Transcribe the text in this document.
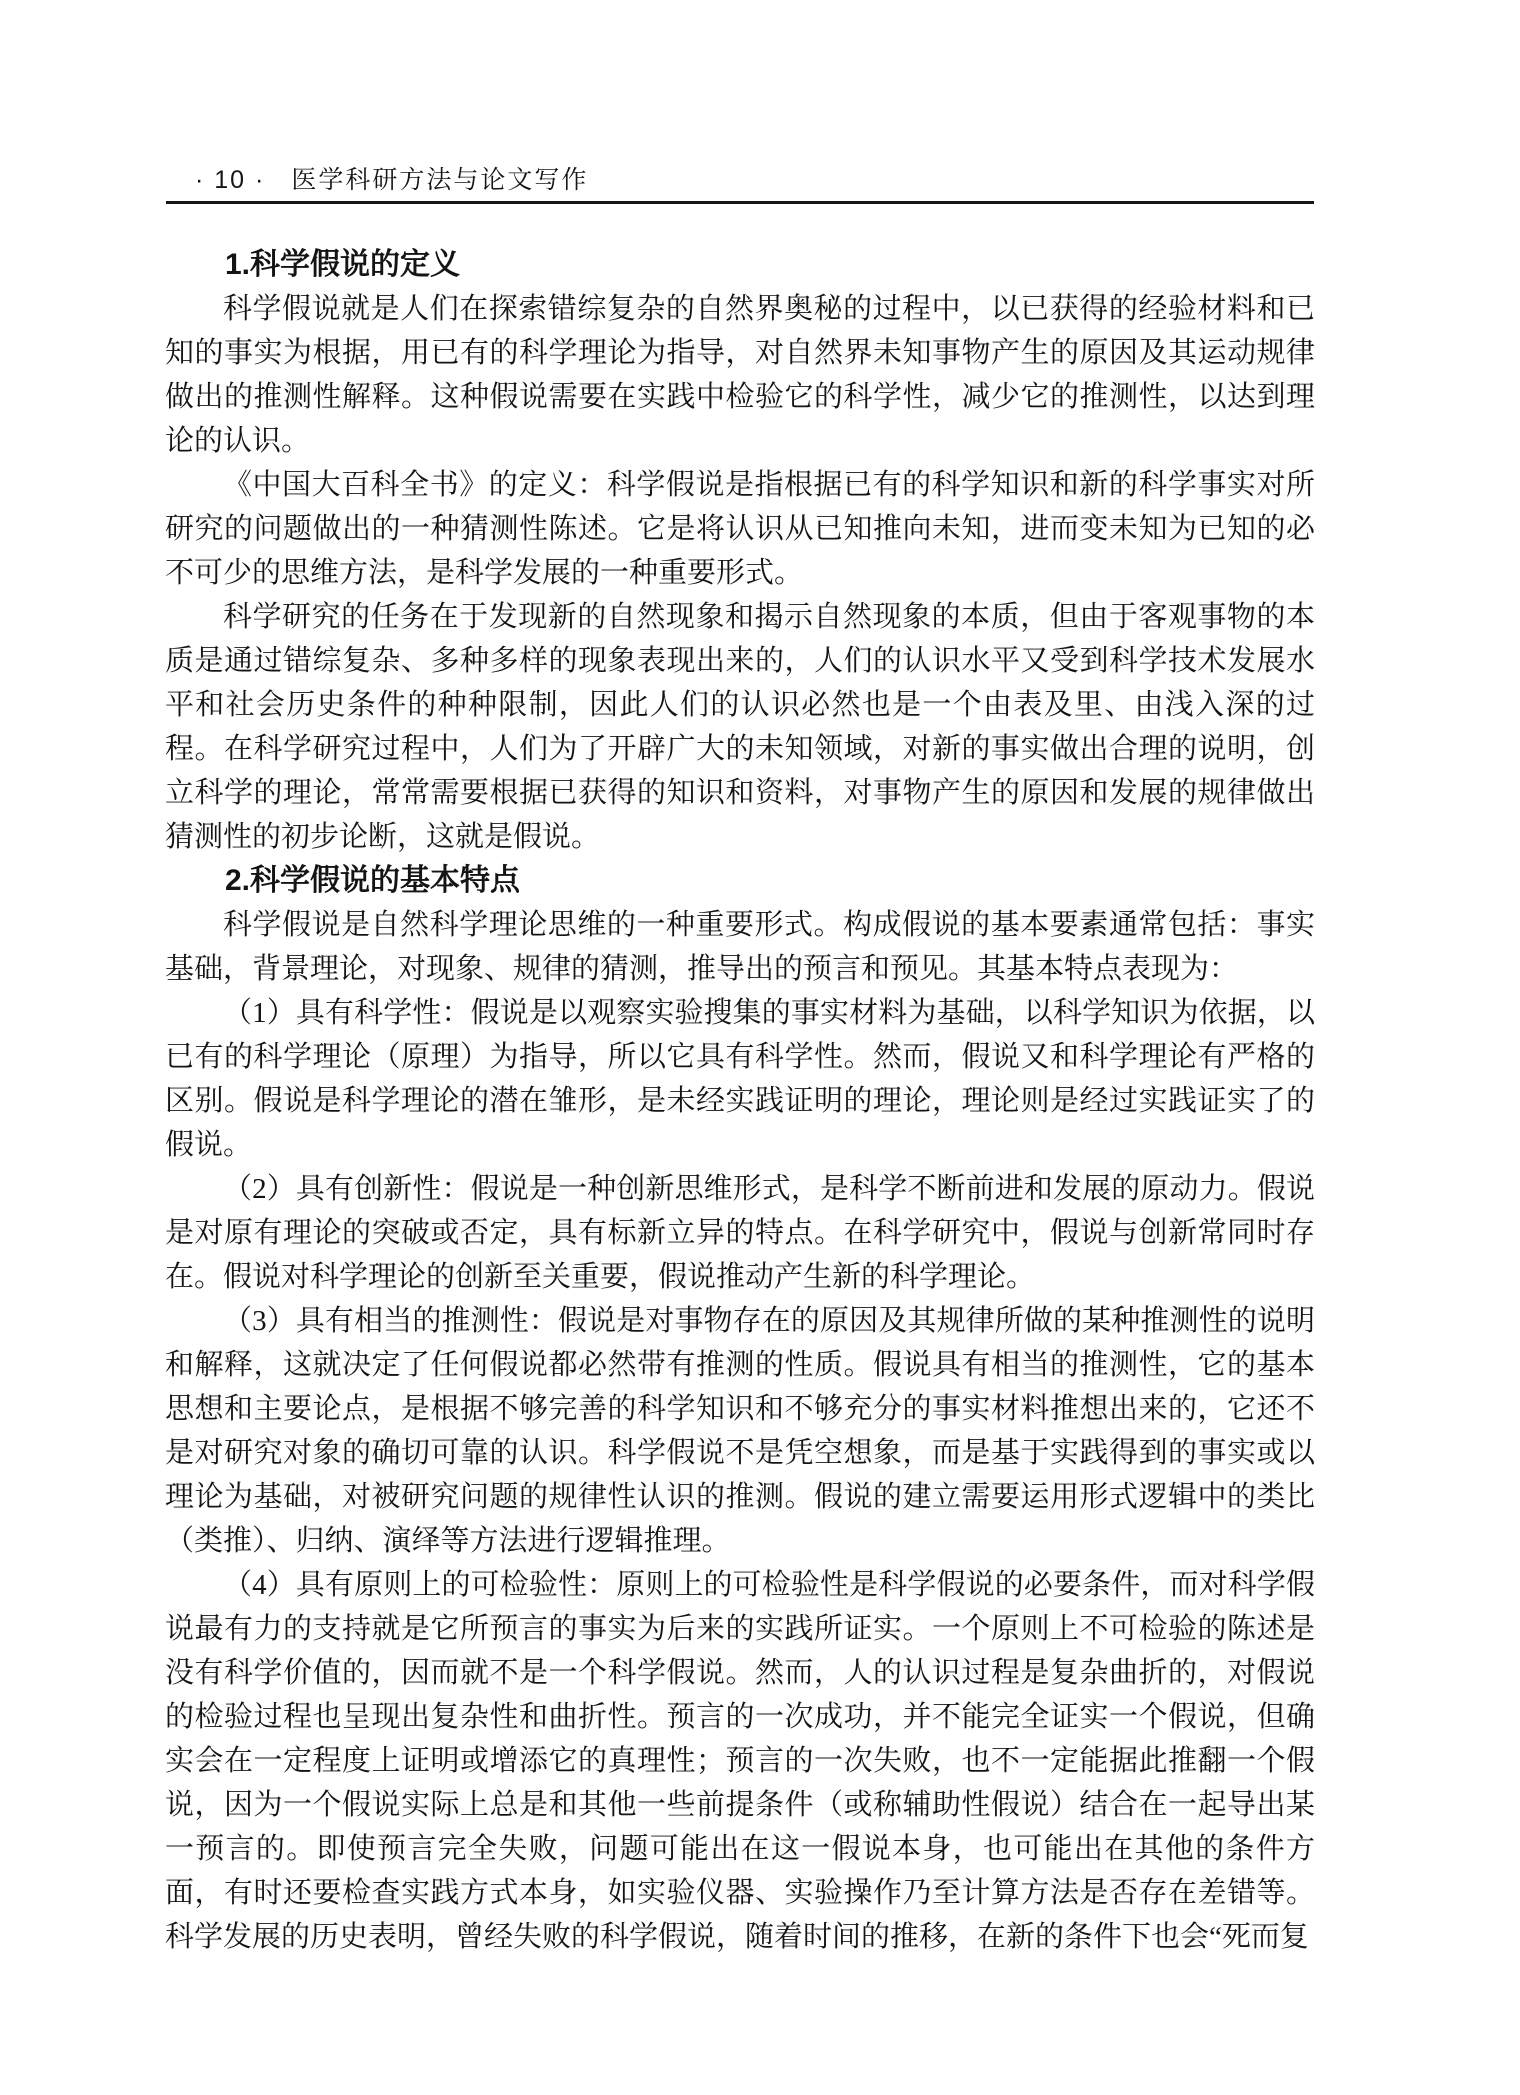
· 10 · 医学科研方法与论文写作
1.科学假说的定义
科学假说就是人们在探索错综复杂的自然界奥秘的过程中，以已获得的经验材料和已知的事实为根据，用已有的科学理论为指导，对自然界未知事物产生的原因及其运动规律做出的推测性解释。这种假说需要在实践中检验它的科学性，减少它的推测性，以达到理论的认识。
《中国大百科全书》的定义：科学假说是指根据已有的科学知识和新的科学事实对所研究的问题做出的一种猜测性陈述。它是将认识从已知推向未知，进而变未知为已知的必不可少的思维方法，是科学发展的一种重要形式。
科学研究的任务在于发现新的自然现象和揭示自然现象的本质，但由于客观事物的本质是通过错综复杂、多种多样的现象表现出来的，人们的认识水平又受到科学技术发展水平和社会历史条件的种种限制，因此人们的认识必然也是一个由表及里、由浅入深的过程。在科学研究过程中，人们为了开辟广大的未知领域，对新的事实做出合理的说明，创立科学的理论，常常需要根据已获得的知识和资料，对事物产生的原因和发展的规律做出猜测性的初步论断，这就是假说。
2.科学假说的基本特点
科学假说是自然科学理论思维的一种重要形式。构成假说的基本要素通常包括：事实基础，背景理论，对现象、规律的猜测，推导出的预言和预见。其基本特点表现为：
（1）具有科学性：假说是以观察实验搜集的事实材料为基础，以科学知识为依据，以已有的科学理论（原理）为指导，所以它具有科学性。然而，假说又和科学理论有严格的区别。假说是科学理论的潜在雏形，是未经实践证明的理论，理论则是经过实践证实了的假说。
（2）具有创新性：假说是一种创新思维形式，是科学不断前进和发展的原动力。假说是对原有理论的突破或否定，具有标新立异的特点。在科学研究中，假说与创新常同时存在。假说对科学理论的创新至关重要，假说推动产生新的科学理论。
（3）具有相当的推测性：假说是对事物存在的原因及其规律所做的某种推测性的说明和解释，这就决定了任何假说都必然带有推测的性质。假说具有相当的推测性，它的基本思想和主要论点，是根据不够完善的科学知识和不够充分的事实材料推想出来的，它还不是对研究对象的确切可靠的认识。科学假说不是凭空想象，而是基于实践得到的事实或以理论为基础，对被研究问题的规律性认识的推测。假说的建立需要运用形式逻辑中的类比（类推）、归纳、演绎等方法进行逻辑推理。
（4）具有原则上的可检验性：原则上的可检验性是科学假说的必要条件，而对科学假说最有力的支持就是它所预言的事实为后来的实践所证实。一个原则上不可检验的陈述是没有科学价值的，因而就不是一个科学假说。然而，人的认识过程是复杂曲折的，对假说的检验过程也呈现出复杂性和曲折性。预言的一次成功，并不能完全证实一个假说，但确实会在一定程度上证明或增添它的真理性；预言的一次失败，也不一定能据此推翻一个假说，因为一个假说实际上总是和其他一些前提条件（或称辅助性假说）结合在一起导出某一预言的。即使预言完全失败，问题可能出在这一假说本身，也可能出在其他的条件方面，有时还要检查实践方式本身，如实验仪器、实验操作乃至计算方法是否存在差错等。科学发展的历史表明，曾经失败的科学假说，随着时间的推移，在新的条件下也会“死而复
